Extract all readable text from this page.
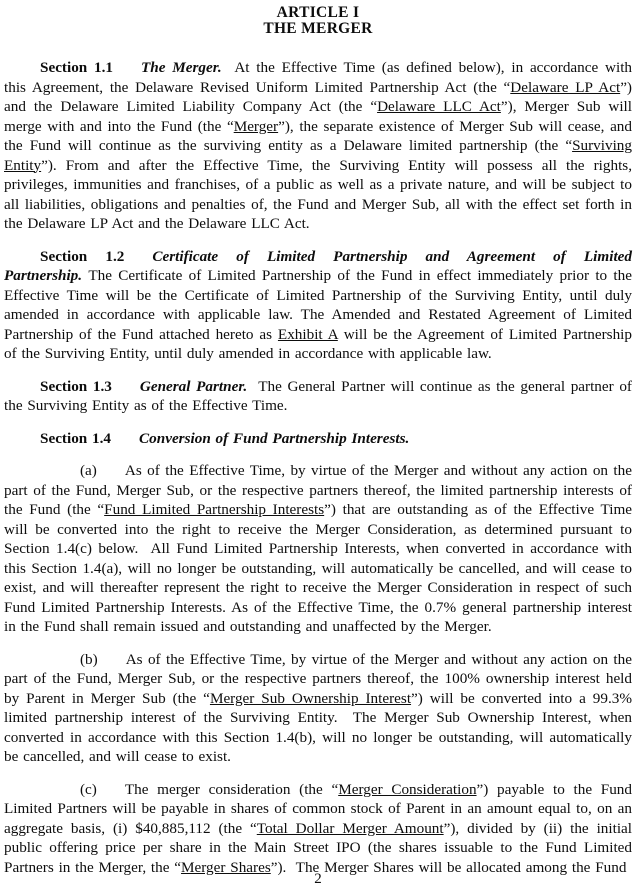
ARTICLE I
THE MERGER

Section 1.1 The Merger.  At the Effective Time (as defined below), in accordance with this Agreement, the Delaware Revised Uniform Limited Partnership Act (the “Delaware LP Act”) and the Delaware Limited Liability Company Act (the “Delaware LLC Act”), Merger Sub will merge with and into the Fund (the “Merger”), the separate existence of Merger Sub will cease, and the Fund will continue as the surviving entity as a Delaware limited partnership (the “Surviving Entity”). From and after the Effective Time, the Surviving Entity will possess all the rights, privileges, immunities and franchises, of a public as well as a private nature, and will be subject to all liabilities, obligations and penalties of, the Fund and Merger Sub, all with the effect set forth in the Delaware LP Act and the Delaware LLC Act.

Section 1.2 Certificate of Limited Partnership and Agreement of Limited Partnership. The Certificate of Limited Partnership of the Fund in effect immediately prior to the Effective Time will be the Certificate of Limited Partnership of the Surviving Entity, until duly amended in accordance with applicable law. The Amended and Restated Agreement of Limited Partnership of the Fund attached hereto as Exhibit A will be the Agreement of Limited Partnership of the Surviving Entity, until duly amended in accordance with applicable law.

Section 1.3 General Partner.  The General Partner will continue as the general partner of the Surviving Entity as of the Effective Time.

Section 1.4 Conversion of Fund Partnership Interests.

(a) As of the Effective Time, by virtue of the Merger and without any action on the part of the Fund, Merger Sub, or the respective partners thereof, the limited partnership interests of the Fund (the “Fund Limited Partnership Interests”) that are outstanding as of the Effective Time will be converted into the right to receive the Merger Consideration, as determined pursuant to Section 1.4(c) below.  All Fund Limited Partnership Interests, when converted in accordance with this Section 1.4(a), will no longer be outstanding, will automatically be cancelled, and will cease to exist, and will thereafter represent the right to receive the Merger Consideration in respect of such Fund Limited Partnership Interests. As of the Effective Time, the 0.7% general partnership interest in the Fund shall remain issued and outstanding and unaffected by the Merger.

(b) As of the Effective Time, by virtue of the Merger and without any action on the part of the Fund, Merger Sub, or the respective partners thereof, the 100% ownership interest held by Parent in Merger Sub (the “Merger Sub Ownership Interest”) will be converted into a 99.3% limited partnership interest of the Surviving Entity.  The Merger Sub Ownership Interest, when converted in accordance with this Section 1.4(b), will no longer be outstanding, will automatically be cancelled, and will cease to exist.

(c) The merger consideration (the “Merger Consideration”) payable to the Fund Limited Partners will be payable in shares of common stock of Parent in an amount equal to, on an aggregate basis, (i) $40,885,112 (the “Total Dollar Merger Amount”), divided by (ii) the initial public offering price per share in the Main Street IPO (the shares issuable to the Fund Limited Partners in the Merger, the “Merger Shares”).  The Merger Shares will be allocated among the Fund

2
